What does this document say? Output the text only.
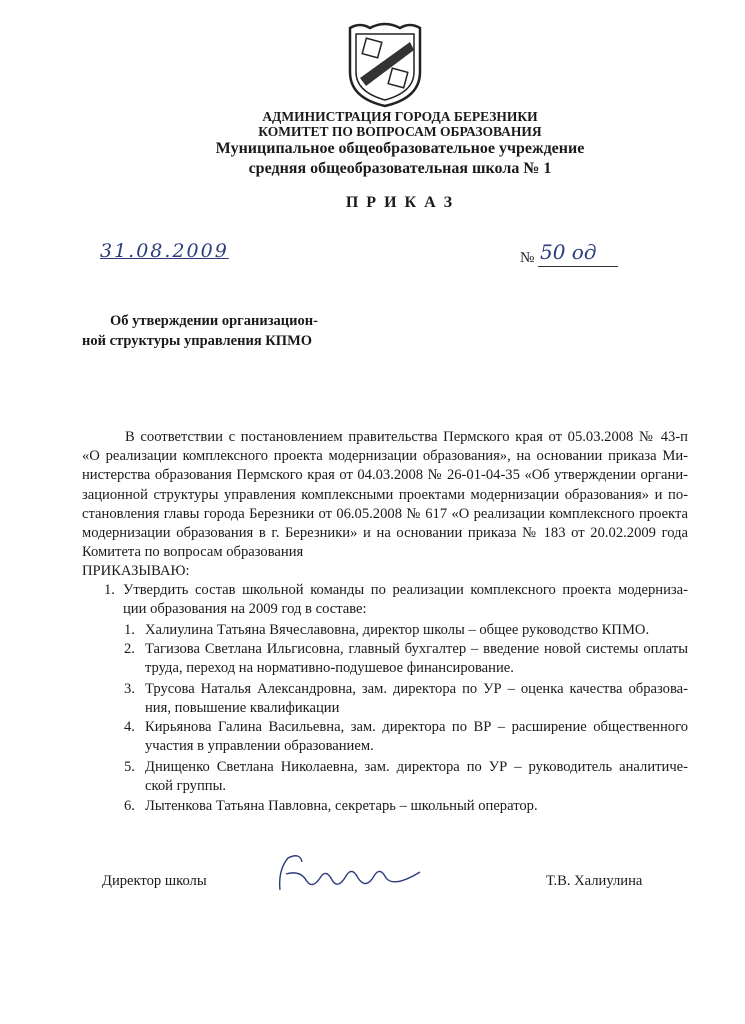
АДМИНИСТРАЦИЯ ГОРОДА БЕРЕЗНИКИ
КОМИТЕТ ПО ВОПРОСАМ ОБРАЗОВАНИЯ
Муниципальное общеобразовательное учреждение
средняя общеобразовательная школа № 1
П Р И К А З
31.08.2009	№ 50 од
Об утверждении организацион-
ной структуры управления КПМО
В соответствии с постановлением правительства Пермского края от 05.03.2008 № 43-п
«О реализации комплексного проекта модернизации образования», на основании приказа Ми-
нистерства образования Пермского края от 04.03.2008 № 26-01-04-35 «Об утверждении органи-
зационной структуры управления комплексными проектами модернизации образования» и по-
становления главы города Березники от 06.05.2008 № 617 «О реализации комплексного проекта
модернизации образования в г. Березники» и на основании приказа № 183 от 20.02.2009 года
Комитета по вопросам образования
ПРИКАЗЫВАЮ:
1. Утвердить состав школьной команды по реализации комплексного проекта модерниза-
ции образования на 2009 год в составе:
1. Халиулина Татьяна Вячеславовна, директор школы – общее руководство КПМО.
2. Тагизова Светлана Ильгисовна, главный бухгалтер – введение новой системы оплаты
труда, переход на нормативно-подушевое финансирование.
3. Трусова Наталья Александровна, зам. директора по УР – оценка качества образова-
ния, повышение квалификации
4. Кирьянова Галина Васильевна, зам. директора по ВР – расширение общественного
участия в управлении образованием.
5. Днищенко Светлана Николаевна, зам. директора по УР – руководитель аналитиче-
ской группы.
6. Лытенкова Татьяна Павловна, секретарь – школьный оператор.
Директор школы	Т.В. Халиулина
